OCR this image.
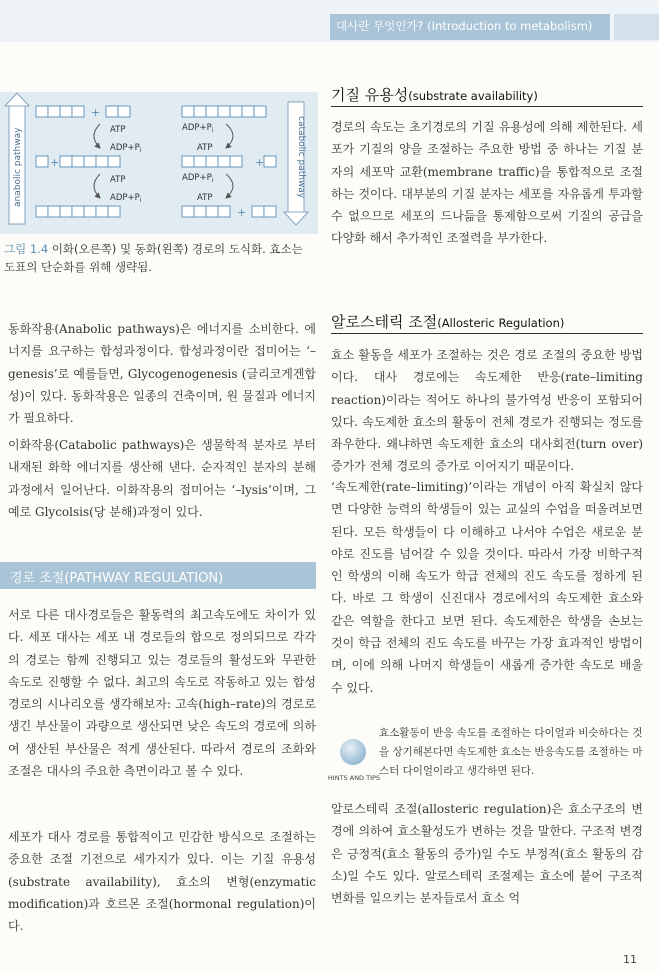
대사란 무엇인가? (Introduction to metabolism)
anabolic pathway	catabolic pathway
+
+
ATP
$ADP+P_i$
ATP
$ADP+P_i$
+
+
$ADP+P_i$
ATP
$ADP+P_i$
ATP
그림 1.4 이화(오른쪽) 및 동화(왼쪽) 경로의 도식화. 효소는 도표의 단순화를 위해 생략됨.
동화작용(Anabolic pathways)은 에너지를 소비한다. 에너지를 요구하는 합성과정이다. 합성과정이란 접미어는 ‘–genesis’로 예를들면, Glycogenogenesis (글리코게겐합성)이 있다. 동화작용은 일종의 건축이며, 원 물질과 에너지가 필요하다.
이화작용(Catabolic pathways)은 생물학적 분자로 부터 내재된 화학 에너지를 생산해 낸다. 순자적인 분자의 분해과정에서 일어난다. 이화작용의 접미어는 ‘–lysis’이며, 그 예로 Glycolsis(당 분해)과정이 있다.
경로 조절(PATHWAY REGULATION)
서로 다른 대사경로들은 활동력의 최고속도에도 차이가 있다. 세포 대사는 세포 내 경로들의 합으로 정의되므로 각각의 경로는 함께 진행되고 있는 경로들의 활성도와 무관한 속도로 진행할 수 없다. 최고의 속도로 작동하고 있는 합성 경로의 시나리오를 생각해보자: 고속(high–rate)의 경로로 생긴 부산물이 과량으로 생산되면 낮은 속도의 경로에 의하여 생산된 부산물은 적게 생산된다. 따라서 경로의 조화와 조절은 대사의 주요한 측면이라고 볼 수 있다.
세포가 대사 경로를 통합적이고 민감한 방식으로 조절하는 중요한 조절 기전으로 세가지가 있다. 이는 기질 유용성(substrate availability), 효소의 변형(enzymatic modification)과 호르몬 조절(hormonal regulation)이다.
기질 유용성(substrate availability)
경로의 속도는 초기경로의 기질 유용성에 의해 제한된다. 세포가 기질의 양을 조절하는 주요한 방법 중 하나는 기질 분자의 세포막 교환(membrane traffic)을 통합적으로 조절하는 것이다. 대부분의 기질 분자는 세포를 자유롭게 투과할 수 없으므로 세포의 드나듦을 통제함으로써 기질의 공급을 다양화 해서 추가적인 조절력을 부가한다.
알로스테릭 조절(Allosteric Regulation)
효소 활동을 세포가 조절하는 것은 경로 조절의 중요한 방법이다. 대사 경로에는 속도제한 반응(rate–limiting reaction)이라는 적어도 하나의 불가역성 반응이 포함되어 있다. 속도제한 효소의 활동이 전체 경로가 진행되는 정도를 좌우한다. 왜냐하면 속도제한 효소의 대사회전(turn over) 증가가 전체 경로의 증가로 이어지기 때문이다.
‘속도제한(rate–limiting)’이라는 개념이 아직 확실치 않다면 다양한 능력의 학생들이 있는 교실의 수업을 떠올려보면 된다. 모든 학생들이 다 이해하고 나서야 수업은 새로운 분야로 진도를 넘어갈 수 있을 것이다. 따라서 가장 비학구적인 학생의 이해 속도가 학급 전체의 진도 속도를 정하게 된다. 바로 그 학생이 신진대사 경로에서의 속도제한 효소와 같은 역할을 한다고 보면 된다. 속도제한은 학생을 손보는 것이 학급 전체의 진도 속도를 바꾸는 가장 효과적인 방법이며, 이에 의해 나머지 학생들이 새롭게 증가한 속도로 배울 수 있다.
HINTS AND TIPS
효소활동이 반응 속도를 조절하는 다이얼과 비슷하다는 것을 상기해본다면 속도제한 효소는 반응속도를 조절하는 마스터 다이얼이라고 생각하면 된다.
알로스테릭 조절(allosteric regulation)은 효소구조의 변경에 의하여 효소활성도가 변하는 것을 말한다. 구조적 변경은 긍정적(효소 활동의 증가)일 수도 부정적(효소 활동의 감소)일 수도 있다. 알로스테릭 조절제는 효소에 붙어 구조적 변화를 일으키는 분자들로서 효소 억
11
